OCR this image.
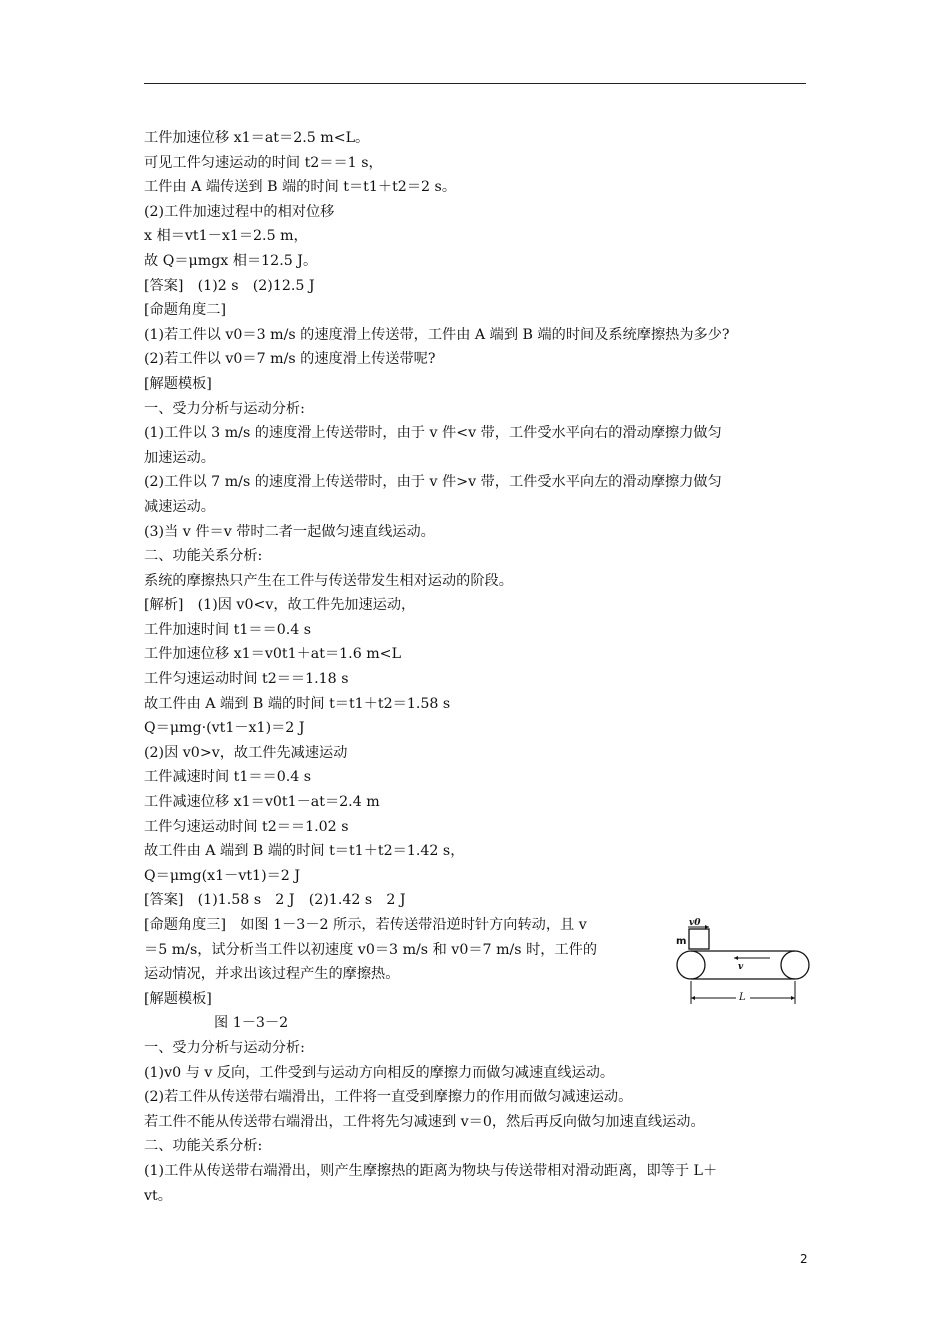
工件加速位移 x1＝at＝2.5 m<L。
可见工件匀速运动的时间 t2＝＝1 s，
工件由 A 端传送到 B 端的时间 t＝t1＋t2＝2 s。
(2)工件加速过程中的相对位移
x 相＝vt1－x1＝2.5 m，
故 Q＝μmgx 相＝12.5 J。
[答案]　(1)2 s　(2)12.5 J
[命题角度二]
(1)若工件以 v0＝3 m/s 的速度滑上传送带，工件由 A 端到 B 端的时间及系统摩擦热为多少?
(2)若工件以 v0＝7 m/s 的速度滑上传送带呢?
[解题模板]
一、受力分析与运动分析:
(1)工件以 3 m/s 的速度滑上传送带时，由于 v 件<v 带，工件受水平向右的滑动摩擦力做匀
加速运动。
(2)工件以 7 m/s 的速度滑上传送带时，由于 v 件>v 带，工件受水平向左的滑动摩擦力做匀
减速运动。
(3)当 v 件＝v 带时二者一起做匀速直线运动。
二、功能关系分析:
系统的摩擦热只产生在工件与传送带发生相对运动的阶段。
[解析]　(1)因 v0<v，故工件先加速运动，
工件加速时间 t1＝＝0.4 s
工件加速位移 x1＝v0t1＋at＝1.6 m<L
工件匀速运动时间 t2＝＝1.18 s
故工件由 A 端到 B 端的时间 t＝t1＋t2＝1.58 s
Q＝μmg·(vt1－x1)＝2 J
(2)因 v0>v，故工件先减速运动
工件减速时间 t1＝＝0.4 s
工件减速位移 x1＝v0t1－at＝2.4 m
工件匀速运动时间 t2＝＝1.02 s
故工件由 A 端到 B 端的时间 t＝t1＋t2＝1.42 s，
Q＝μmg(x1－vt1)＝2 J
[答案]　(1)1.58 s　2 J　(2)1.42 s　2 J
[命题角度三]　如图 1－3－2 所示，若传送带沿逆时针方向转动，且 v
＝5 m/s，试分析当工件以初速度 v0＝3 m/s 和 v0＝7 m/s 时，工件的
运动情况，并求出该过程产生的摩擦热。
[解题模板]
图 1－3－2
一、受力分析与运动分析:
(1)v0 与 v 反向，工件受到与运动方向相反的摩擦力而做匀减速直线运动。
(2)若工件从传送带右端滑出，工件将一直受到摩擦力的作用而做匀减速运动。
若工件不能从传送带右端滑出，工件将先匀减速到 v＝0，然后再反向做匀加速直线运动。
二、功能关系分析:
(1)工件从传送带右端滑出，则产生摩擦热的距离为物块与传送带相对滑动距离，即等于 L＋
vt。
m
v0
v
L
2
